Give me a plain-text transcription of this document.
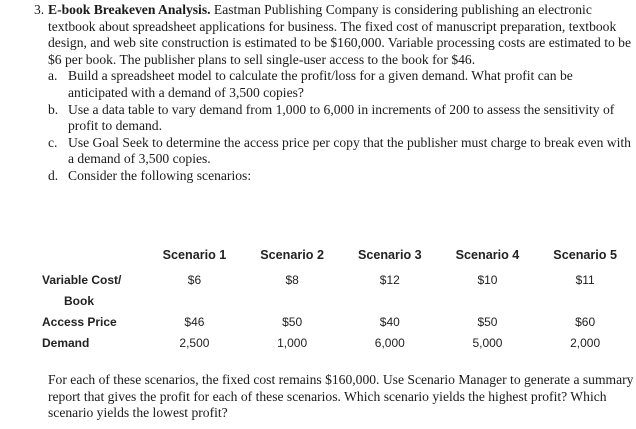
3. E-book Breakeven Analysis. Eastman Publishing Company is considering publishing an electronic textbook about spreadsheet applications for business. The fixed cost of manuscript preparation, textbook design, and web site construction is estimated to be $160,000. Variable processing costs are estimated to be $6 per book. The publisher plans to sell single-user access to the book for $46.
a. Build a spreadsheet model to calculate the profit/loss for a given demand. What profit can be anticipated with a demand of 3,500 copies?
b. Use a data table to vary demand from 1,000 to 6,000 in increments of 200 to assess the sensitivity of profit to demand.
c. Use Goal Seek to determine the access price per copy that the publisher must charge to break even with a demand of 3,500 copies.
d. Consider the following scenarios:
	Scenario 1	Scenario 2	Scenario 3	Scenario 4	Scenario 5
Variable Cost/
Book	$6	$8	$12	$10	$11
Access Price	$46	$50	$40	$50	$60
Demand	2,500	1,000	6,000	5,000	2,000
For each of these scenarios, the fixed cost remains $160,000. Use Scenario Manager to generate a summary report that gives the profit for each of these scenarios. Which scenario yields the highest profit? Which scenario yields the lowest profit?
